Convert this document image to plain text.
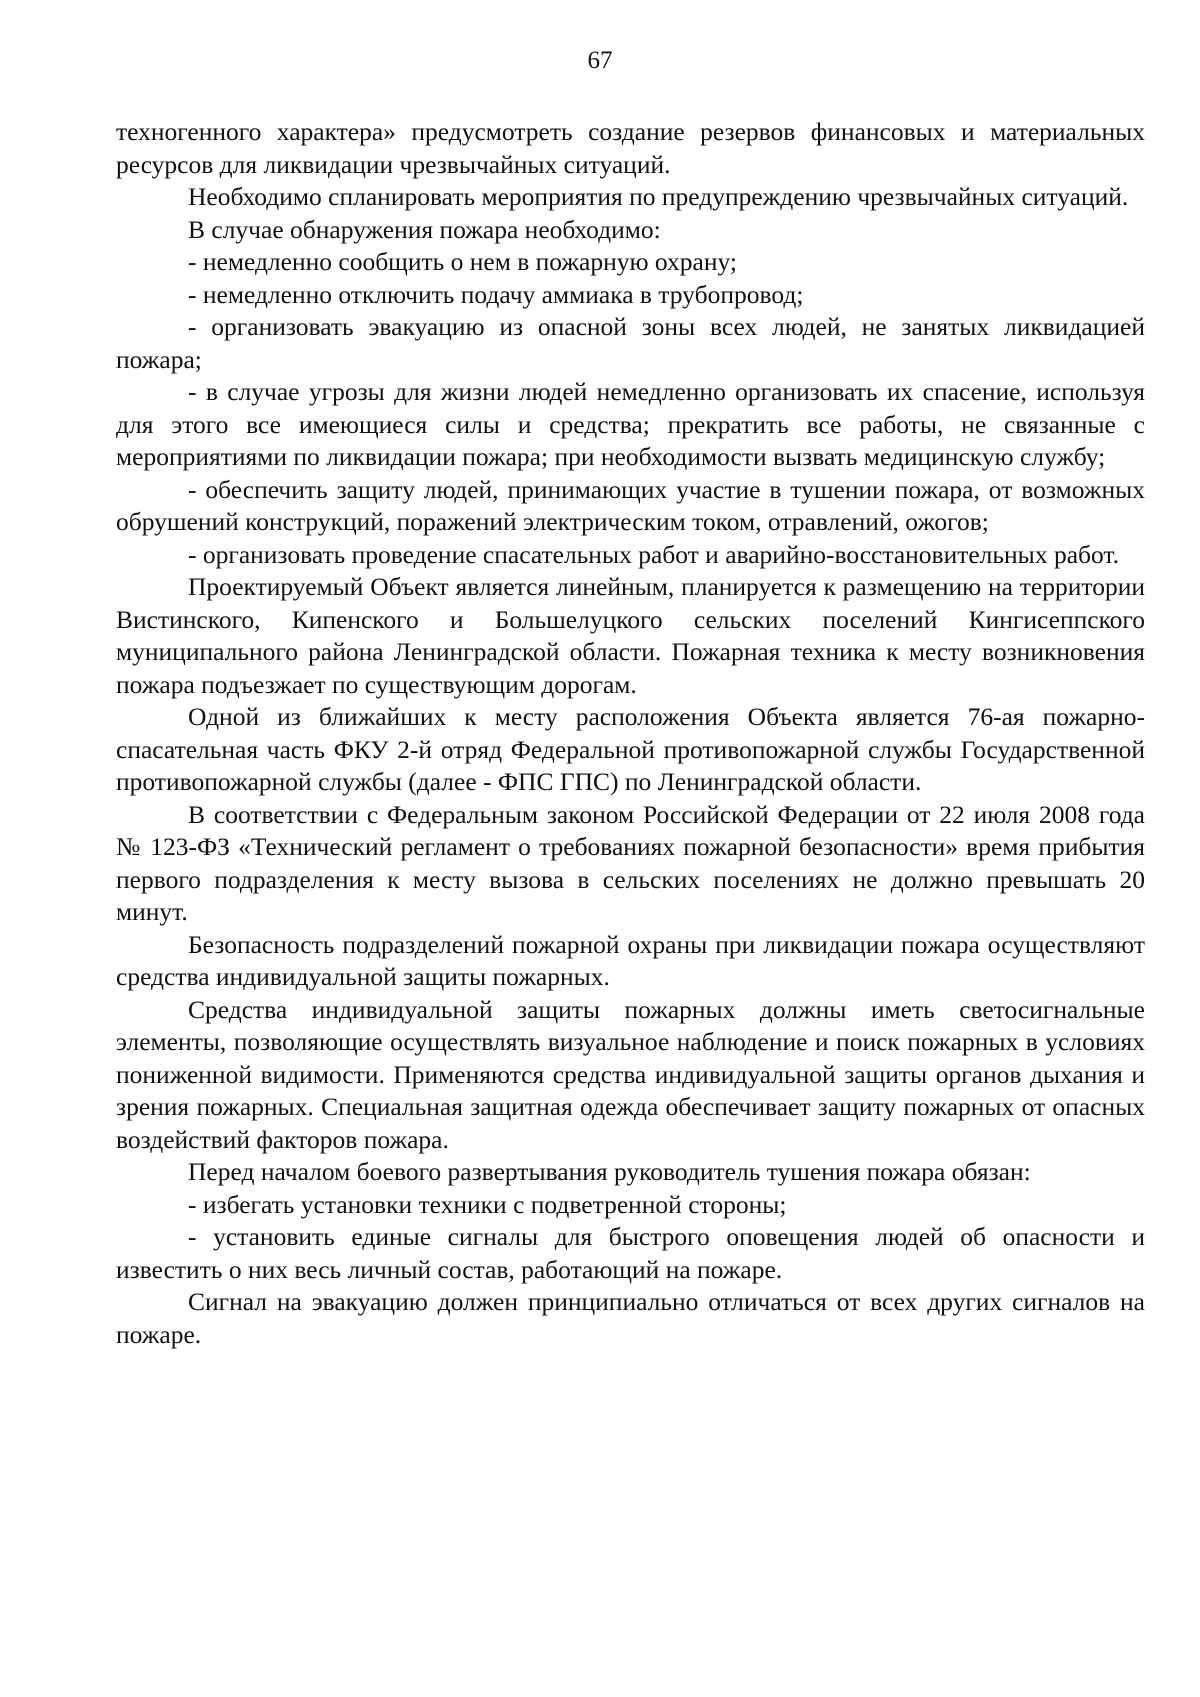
67

техногенного характера» предусмотреть создание резервов финансовых и материальных ресурсов для ликвидации чрезвычайных ситуаций.

Необходимо спланировать мероприятия по предупреждению чрезвычайных ситуаций.

В случае обнаружения пожара необходимо:

- немедленно сообщить о нем в пожарную охрану;

- немедленно отключить подачу аммиака в трубопровод;

- организовать эвакуацию из опасной зоны всех людей, не занятых ликвидацией пожара;

- в случае угрозы для жизни людей немедленно организовать их спасение, используя для этого все имеющиеся силы и средства; прекратить все работы, не связанные с мероприятиями по ликвидации пожара; при необходимости вызвать медицинскую службу;

- обеспечить защиту людей, принимающих участие в тушении пожара, от возможных обрушений конструкций, поражений электрическим током, отравлений, ожогов;

- организовать проведение спасательных работ и аварийно-восстановительных работ.

Проектируемый Объект является линейным, планируется к размещению на территории Вистинского, Кипенского и Большелуцкого сельских поселений Кингисеппского муниципального района Ленинградской области. Пожарная техника к месту возникновения пожара подъезжает по существующим дорогам.

Одной из ближайших к месту расположения Объекта является 76-ая пожарно-спасательная часть ФКУ 2-й отряд Федеральной противопожарной службы Государственной противопожарной службы (далее - ФПС ГПС) по Ленинградской области.

В соответствии с Федеральным законом Российской Федерации от 22 июля 2008 года № 123-ФЗ «Технический регламент о требованиях пожарной безопасности» время прибытия первого подразделения к месту вызова в сельских поселениях не должно превышать 20 минут.

Безопасность подразделений пожарной охраны при ликвидации пожара осуществляют средства индивидуальной защиты пожарных.

Средства индивидуальной защиты пожарных должны иметь светосигнальные элементы, позволяющие осуществлять визуальное наблюдение и поиск пожарных в условиях пониженной видимости. Применяются средства индивидуальной защиты органов дыхания и зрения пожарных. Специальная защитная одежда обеспечивает защиту пожарных от опасных воздействий факторов пожара.

Перед началом боевого развертывания руководитель тушения пожара обязан:

- избегать установки техники с подветренной стороны;

- установить единые сигналы для быстрого оповещения людей об опасности и известить о них весь личный состав, работающий на пожаре.

Сигнал на эвакуацию должен принципиально отличаться от всех других сигналов на пожаре.
